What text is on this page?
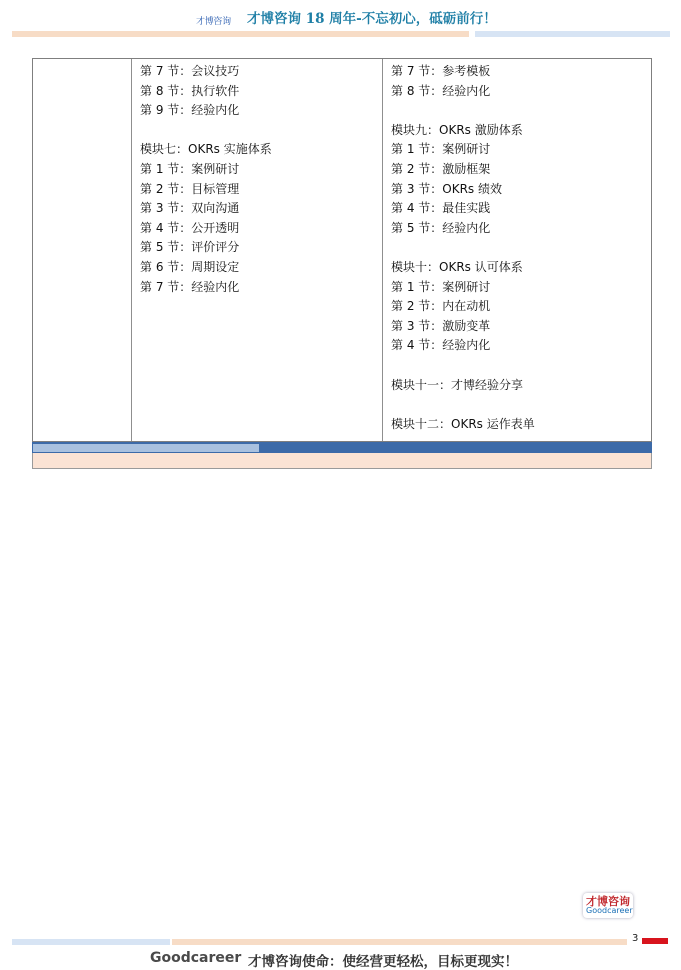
才博咨询 才博咨询 18 周年-不忘初心，砥砺前行！
第 7 节：会议技巧
第 8 节：执行软件
第 9 节：经验内化
模块七：OKRs 实施体系
第 1 节：案例研讨
第 2 节：目标管理
第 3 节：双向沟通
第 4 节：公开透明
第 5 节：评价评分
第 6 节：周期设定
第 7 节：经验内化
第 7 节：参考模板
第 8 节：经验内化
模块九：OKRs 激励体系
第 1 节：案例研讨
第 2 节：激励框架
第 3 节：OKRs 绩效
第 4 节：最佳实践
第 5 节：经验内化
模块十：OKRs 认可体系
第 1 节：案例研讨
第 2 节：内在动机
第 3 节：激励变革
第 4 节：经验内化
模块十一：才博经验分享
模块十二：OKRs 运作表单
才博咨询
Goodcareer
3
Goodcareer 才博咨询使命：使经营更轻松，目标更现实！
